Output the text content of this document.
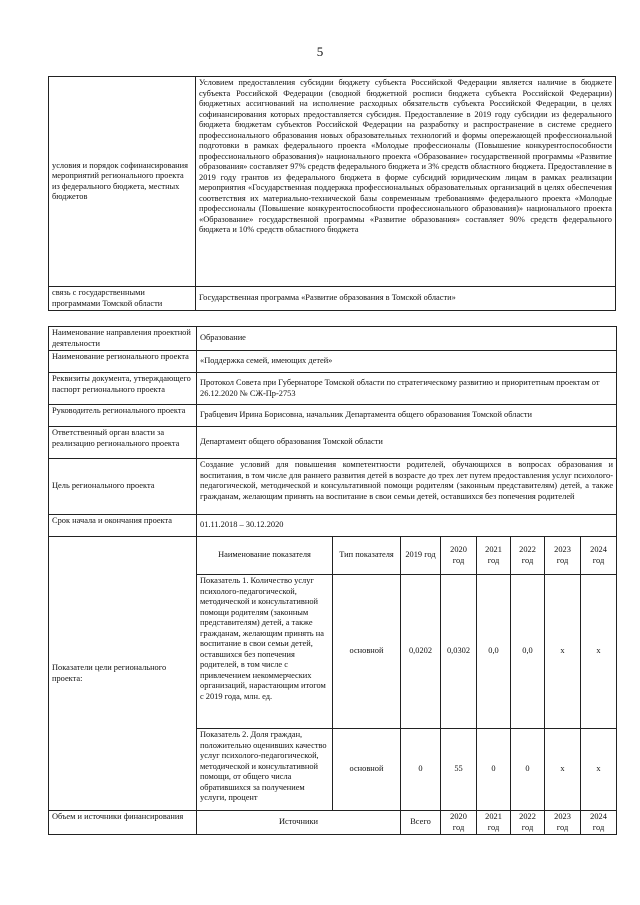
5
условия и порядок софинансирования мероприятий регионального проекта из федерального бюджета, местных бюджетов	Условием предоставления субсидии бюджету субъекта Российской Федерации является наличие в бюджете субъекта Российской Федерации (сводной бюджетной росписи бюджета субъекта Российской Федерации) бюджетных ассигнований на исполнение расходных обязательств субъекта Российской Федерации, в целях софинансирования которых предоставляется субсидия. Предоставление в 2019 году субсидии из федерального бюджета бюджетам субъектов Российской Федерации на разработку и распространение в системе среднего профессионального образования новых образовательных технологий и формы опережающей профессиональной подготовки в рамках федерального проекта «Молодые профессионалы (Повышение конкурентоспособности профессионального образования)» национального проекта «Образование» государственной программы «Развитие образования» составляет 97% средств федерального бюджета и 3% средств областного бюджета. Предоставление в 2019 году грантов из федерального бюджета в форме субсидий юридическим лицам в рамках реализации мероприятия «Государственная поддержка профессиональных образовательных организаций в целях обеспечения соответствия их материально-технической базы современным требованиям» федерального проекта «Молодые профессионалы (Повышение конкурентоспособности профессионального образования)» национального проекта «Образование» государственной программы «Развитие образования» составляет 90% средств федерального бюджета и 10% средств областного бюджета
связь с государственными программами Томской области	Государственная программа «Развитие образования в Томской области»
Наименование направления проектной деятельности	Образование							
Наименование регионального проекта	«Поддержка семей, имеющих детей»							
Реквизиты документа, утверждающего паспорт регионального проекта	Протокол Совета при Губернаторе Томской области по стратегическому развитию и приоритетным проектам от 26.12.2020 № СЖ-Пр-2753							
Руководитель регионального проекта	Грабцевич Ирина Борисовна, начальник Департамента общего образования Томской области							
Ответственный орган власти за реализацию регионального проекта	Департамент общего образования Томской области							
Цель регионального проекта	Создание условий для повышения компетентности родителей, обучающихся в вопросах образования и воспитания, в том числе для раннего развития детей в возрасте до трех лет путем предоставления услуг психолого-педагогической, методической и консультативной помощи родителям (законным представителям) детей, а также гражданам, желающим принять на воспитание в свои семьи детей, оставшихся без попечения родителей							
Срок начала и окончания проекта	01.11.2018 – 30.12.2020							
Показатели цели регионального проекта:	Наименование показателя	Тип показателя	2019 год	2020 год	2021 год	2022 год	2023 год	2024 год
	Показатель 1. Количество услуг психолого-педагогической, методической и консультативной помощи родителям (законным представителям) детей, а также гражданам, желающим принять на воспитание в свои семьи детей, оставшихся без попечения родителей, в том числе с привлечением некоммерческих организаций, нарастающим итогом с 2019 года, млн. ед.	основной	0,0202	0,0302	0,0	0,0	х	х
	Показатель 2. Доля граждан, положительно оценивших качество услуг психолого-педагогической, методической и консультативной помощи, от общего числа обратившихся за получением услуги, процент	основной	0	55	0	0	х	х
Объем и источники финансирования	Источники		Всего	2020 год	2021 год	2022 год	2023 год	2024 год
